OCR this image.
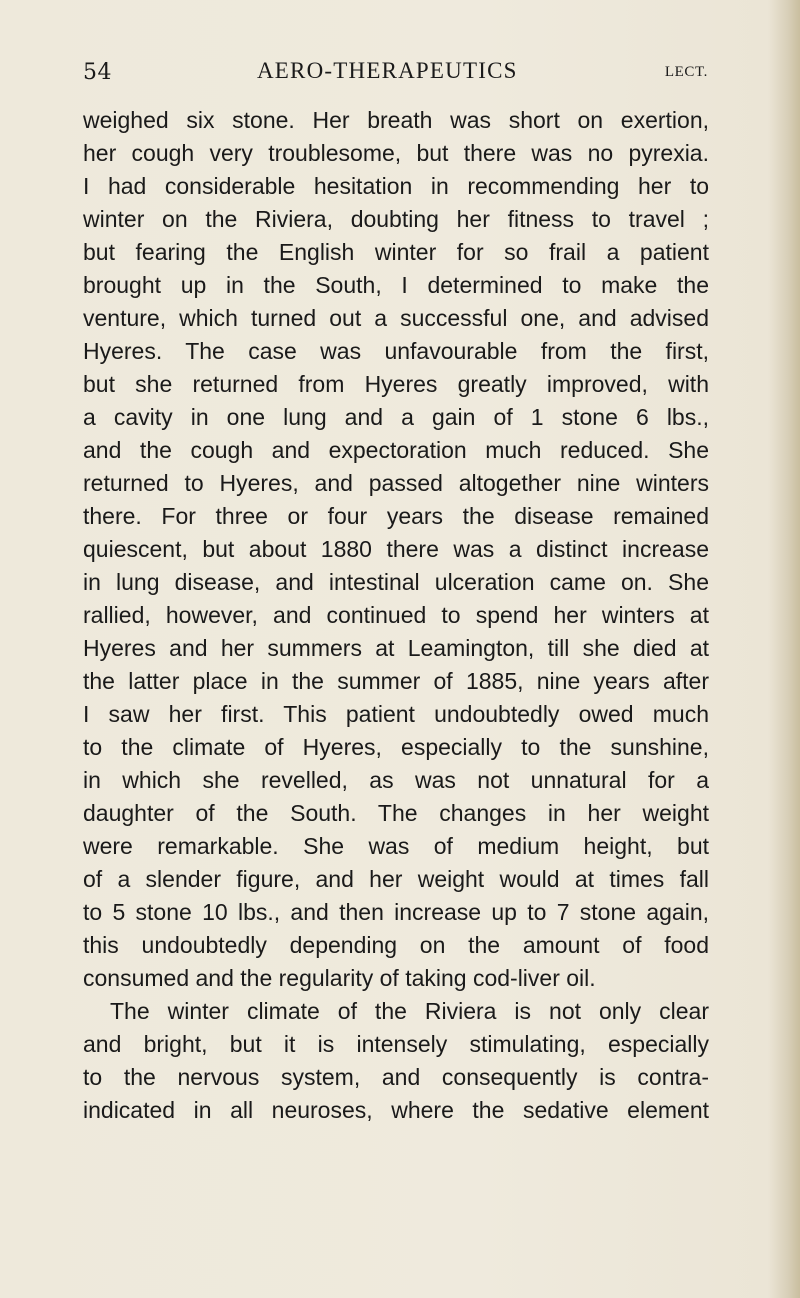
54	AERO-THERAPEUTICS	LECT.
weighed six stone. Her breath was short on exertion,
her cough very troublesome, but there was no pyrexia.
I had considerable hesitation in recommending her to
winter on the Riviera, doubting her fitness to travel ;
but fearing the English winter for so frail a patient
brought up in the South, I determined to make the
venture, which turned out a successful one, and advised
Hyeres. The case was unfavourable from the first,
but she returned from Hyeres greatly improved, with
a cavity in one lung and a gain of 1 stone 6 lbs.,
and the cough and expectoration much reduced. She
returned to Hyeres, and passed altogether nine winters
there. For three or four years the disease remained
quiescent, but about 1880 there was a distinct increase
in lung disease, and intestinal ulceration came on. She
rallied, however, and continued to spend her winters at
Hyeres and her summers at Leamington, till she died at
the latter place in the summer of 1885, nine years after
I saw her first. This patient undoubtedly owed much
to the climate of Hyeres, especially to the sunshine,
in which she revelled, as was not unnatural for a
daughter of the South. The changes in her weight
were remarkable. She was of medium height, but
of a slender figure, and her weight would at times fall
to 5 stone 10 lbs., and then increase up to 7 stone again,
this undoubtedly depending on the amount of food
consumed and the regularity of taking cod-liver oil.
The winter climate of the Riviera is not only clear
and bright, but it is intensely stimulating, especially
to the nervous system, and consequently is contra-
indicated in all neuroses, where the sedative element
